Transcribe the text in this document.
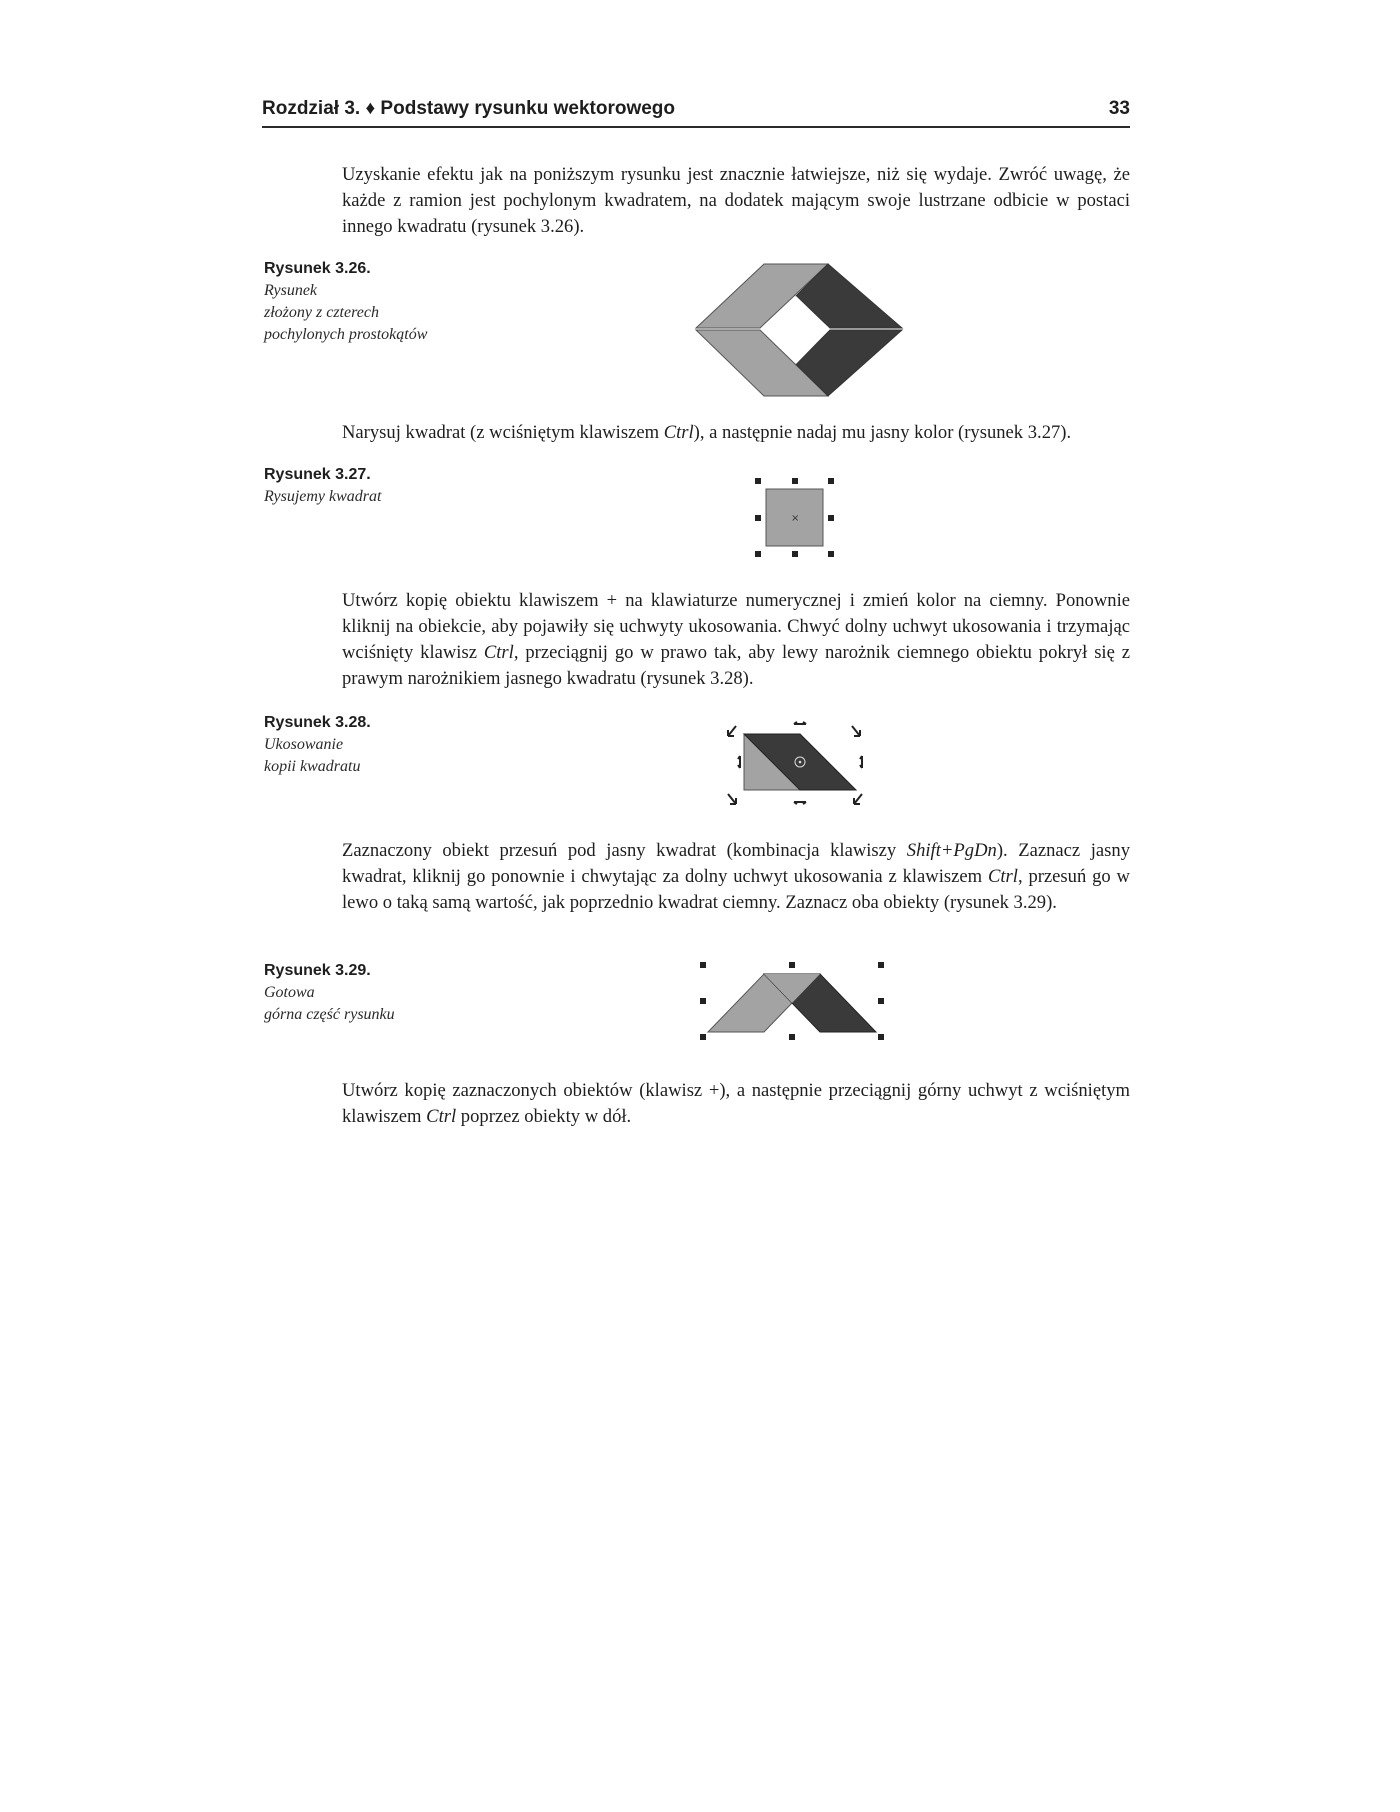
Rozdział 3. ♦ Podstawy rysunku wektorowego	33
Uzyskanie efektu jak na poniższym rysunku jest znacznie łatwiejsze, niż się wydaje. Zwróć uwagę, że każde z ramion jest pochylonym kwadratem, na dodatek mającym swoje lustrzane odbicie w postaci innego kwadratu (rysunek 3.26).
Rysunek 3.26.
Rysunek
złożony z czterech
pochylonych prostokątów
Narysuj kwadrat (z wciśniętym klawiszem Ctrl), a następnie nadaj mu jasny kolor (rysunek 3.27).
Rysunek 3.27.
Rysujemy kwadrat
×
Utwórz kopię obiektu klawiszem + na klawiaturze numerycznej i zmień kolor na ciemny. Ponownie kliknij na obiekcie, aby pojawiły się uchwyty ukosowania. Chwyć dolny uchwyt ukosowania i trzymając wciśnięty klawisz Ctrl, przeciągnij go w prawo tak, aby lewy narożnik ciemnego obiektu pokrył się z prawym narożnikiem jasnego kwadratu (rysunek 3.28).
Rysunek 3.28.
Ukosowanie
kopii kwadratu
Zaznaczony obiekt przesuń pod jasny kwadrat (kombinacja klawiszy Shift+PgDn). Zaznacz jasny kwadrat, kliknij go ponownie i chwytając za dolny uchwyt ukosowania z klawiszem Ctrl, przesuń go w lewo o taką samą wartość, jak poprzednio kwadrat ciemny. Zaznacz oba obiekty (rysunek 3.29).
Rysunek 3.29.
Gotowa
górna część rysunku
Utwórz kopię zaznaczonych obiektów (klawisz +), a następnie przeciągnij górny uchwyt z wciśniętym klawiszem Ctrl poprzez obiekty w dół.
